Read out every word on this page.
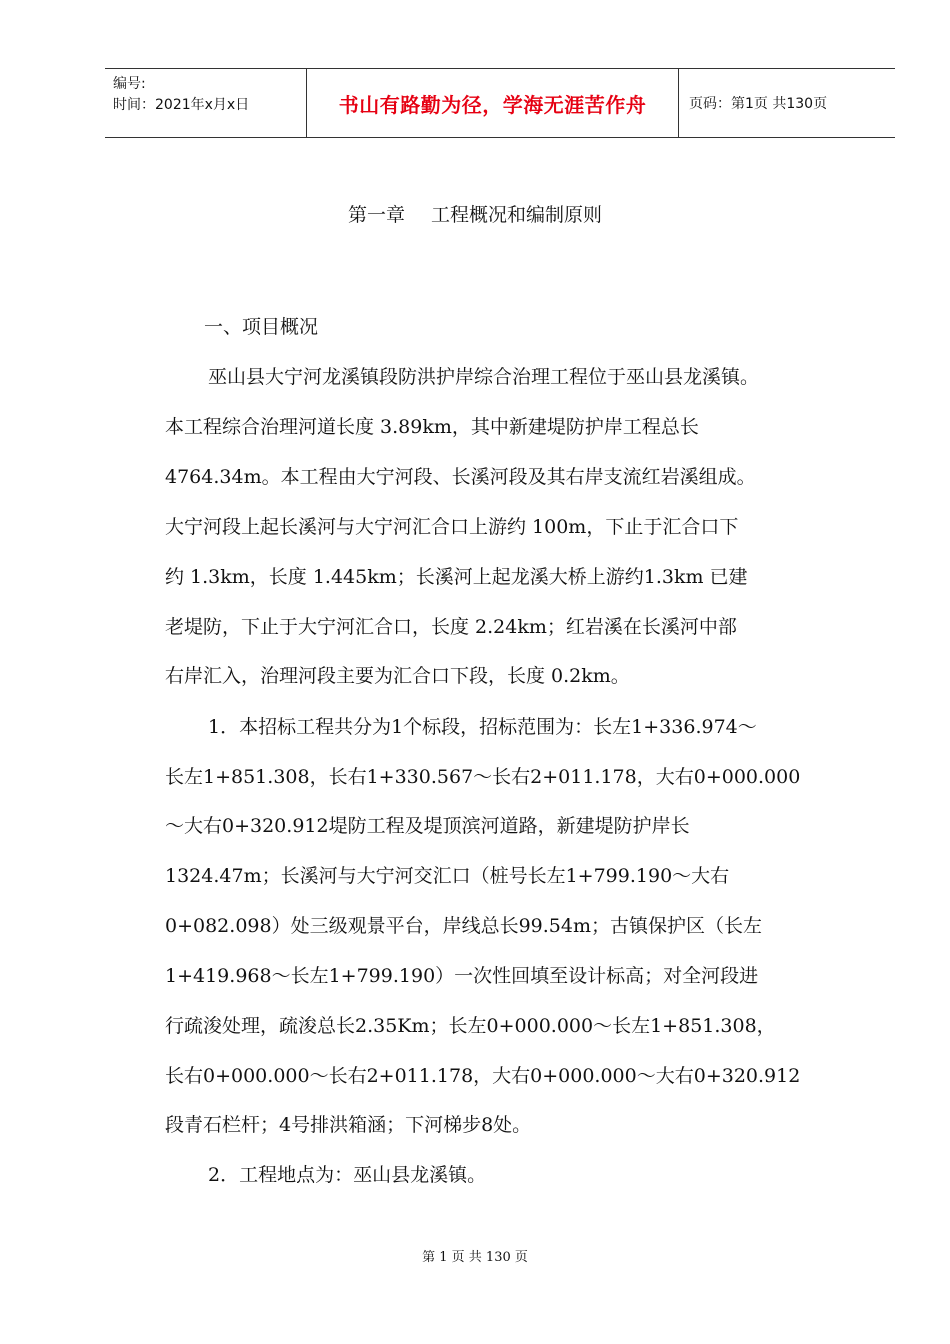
编号:
时间：2021年x月x日	书山有路勤为径，学海无涯苦作舟	页码：第1页 共130页
第一章 工程概况和编制原则
一、项目概况
巫山县大宁河龙溪镇段防洪护岸综合治理工程位于巫山县龙溪镇。
本工程综合治理河道长度 3.89km，其中新建堤防护岸工程总长
4764.34m。本工程由大宁河段、长溪河段及其右岸支流红岩溪组成。
大宁河段上起长溪河与大宁河汇合口上游约 100m，下止于汇合口下
约 1.3km，长度 1.445km；长溪河上起龙溪大桥上游约1.3km 已建
老堤防，下止于大宁河汇合口，长度 2.24km；红岩溪在长溪河中部
右岸汇入，治理河段主要为汇合口下段，长度 0.2km。
1．本招标工程共分为1个标段，招标范围为：长左1+336.974～
长左1+851.308，长右1+330.567～长右2+011.178，大右0+000.000
～大右0+320.912堤防工程及堤顶滨河道路，新建堤防护岸长
1324.47m；长溪河与大宁河交汇口（桩号长左1+799.190～大右
0+082.098）处三级观景平台，岸线总长99.54m；古镇保护区（长左
1+419.968～长左1+799.190）一次性回填至设计标高；对全河段进
行疏浚处理，疏浚总长2.35Km；长左0+000.000～长左1+851.308，
长右0+000.000～长右2+011.178，大右0+000.000～大右0+320.912
段青石栏杆；4号排洪箱涵；下河梯步8处。
2．工程地点为：巫山县龙溪镇。
第 1 页 共 130 页
